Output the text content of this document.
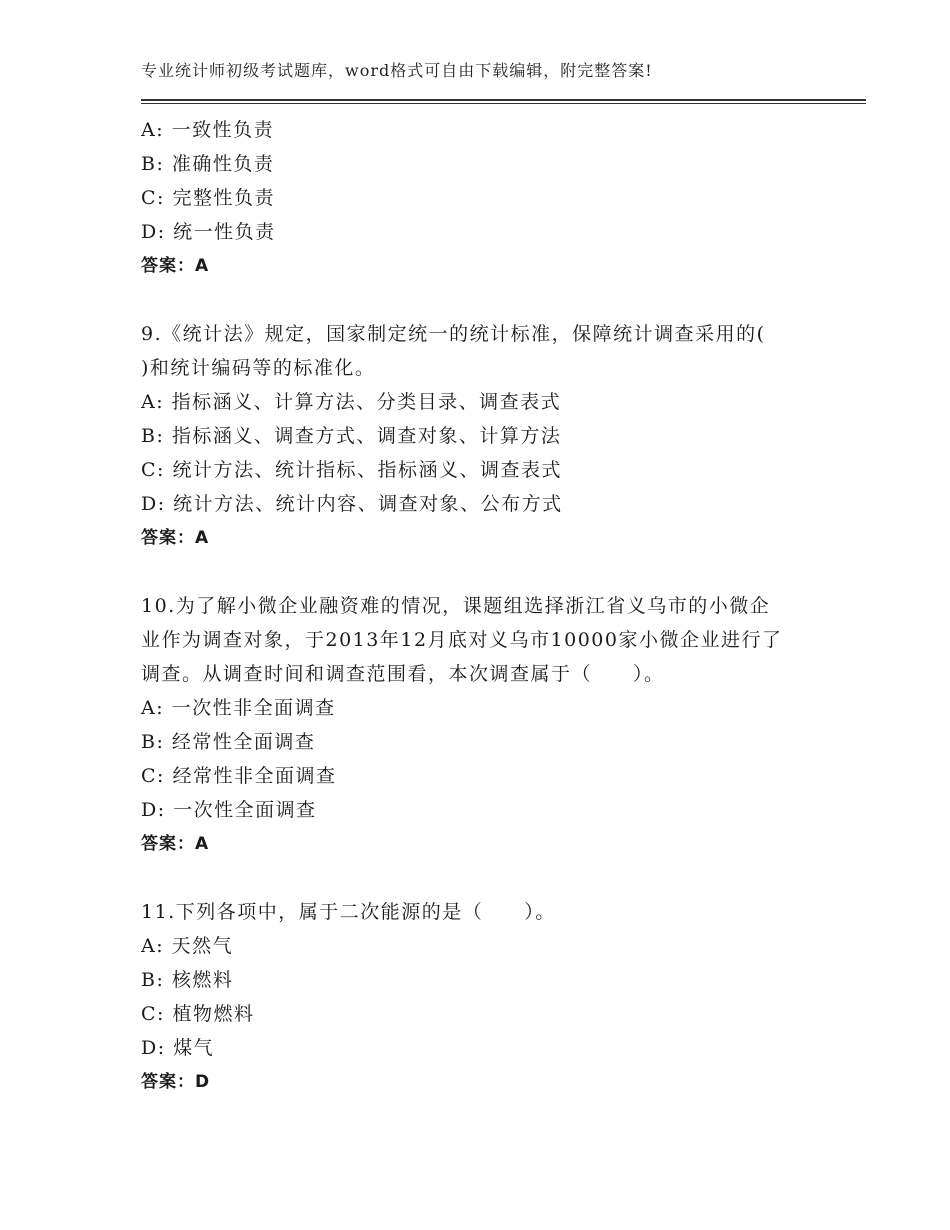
专业统计师初级考试题库，word格式可自由下载编辑，附完整答案!
A: 一致性负责
B: 准确性负责
C: 完整性负责
D: 统一性负责
答案：A
9.《统计法》规定，国家制定统一的统计标准，保障统计调查采用的(
)和统计编码等的标准化。
A: 指标涵义、计算方法、分类目录、调查表式
B: 指标涵义、调查方式、调查对象、计算方法
C: 统计方法、统计指标、指标涵义、调查表式
D: 统计方法、统计内容、调查对象、公布方式
答案：A
10.为了解小微企业融资难的情况，课题组选择浙江省义乌市的小微企
业作为调查对象，于2013年12月底对义乌市10000家小微企业进行了
调查。从调查时间和调查范围看，本次调查属于（　　）。
A: 一次性非全面调查
B: 经常性全面调查
C: 经常性非全面调查
D: 一次性全面调查
答案：A
11.下列各项中，属于二次能源的是（　　）。
A: 天然气
B: 核燃料
C: 植物燃料
D: 煤气
答案：D
